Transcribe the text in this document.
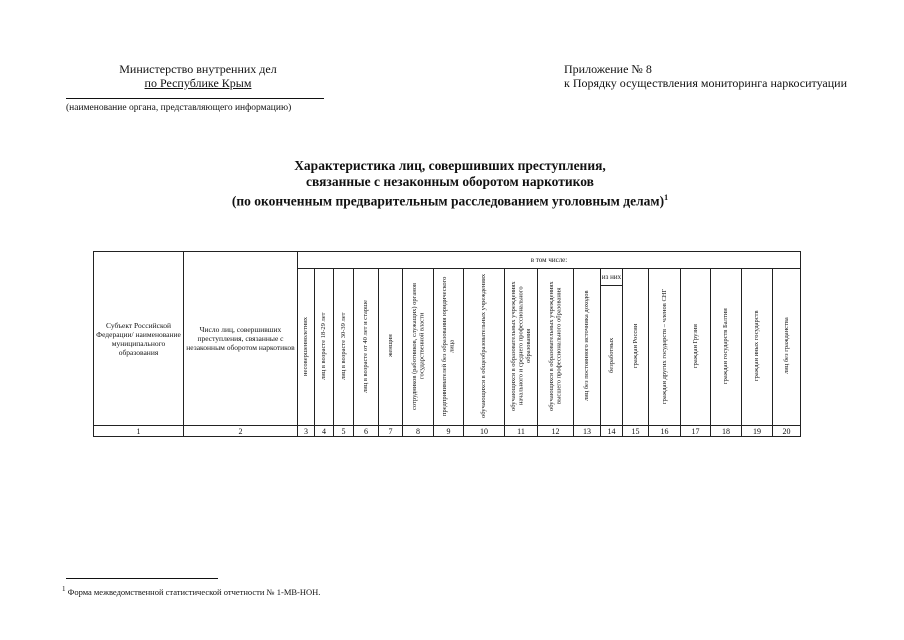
Министерство внутренних дел
по Республике Крым
(наименование органа, представляющего информацию)
Приложение № 8
к Порядку осуществления мониторинга наркоситуации
Характеристика лиц, совершивших преступления,
связанные с незаконным оборотом наркотиков
(по оконченным предварительным расследованием уголовным делам)$^1$
Субъект Российской Федерации/ наименование муниципального образования	Число лиц, совершивших преступления, связанные с незаконным оборотом наркотиков	в том числе:																	
		несовершеннолетних	лиц в возрасте 18-29 лет	лиц в возрасте 30-39 лет	лиц в возрасте от 40 лет и старше	женщин	сотрудников (работников, служащих) органов государственной власти	предпринимателей без образования юридического лица	обучающихся в общеобразовательных учреждениях	обучающихся в образовательных учреждениях начального и среднего профессионального образования	обучающихся в образовательных учреждениях высшего профессионального образования	лиц без постоянного источника доходов	из них	граждан России	граждан других государств – членов СНГ	граждан Грузии	граждан государств Балтии	граждан иных государств	лиц без гражданства
													безработных						
1	2	3	4	5	6	7	8	9	10	11	12	13	14	15	16	17	18	19	20
$^1$ Форма межведомственной статистической отчетности № 1-МВ-НОН.
